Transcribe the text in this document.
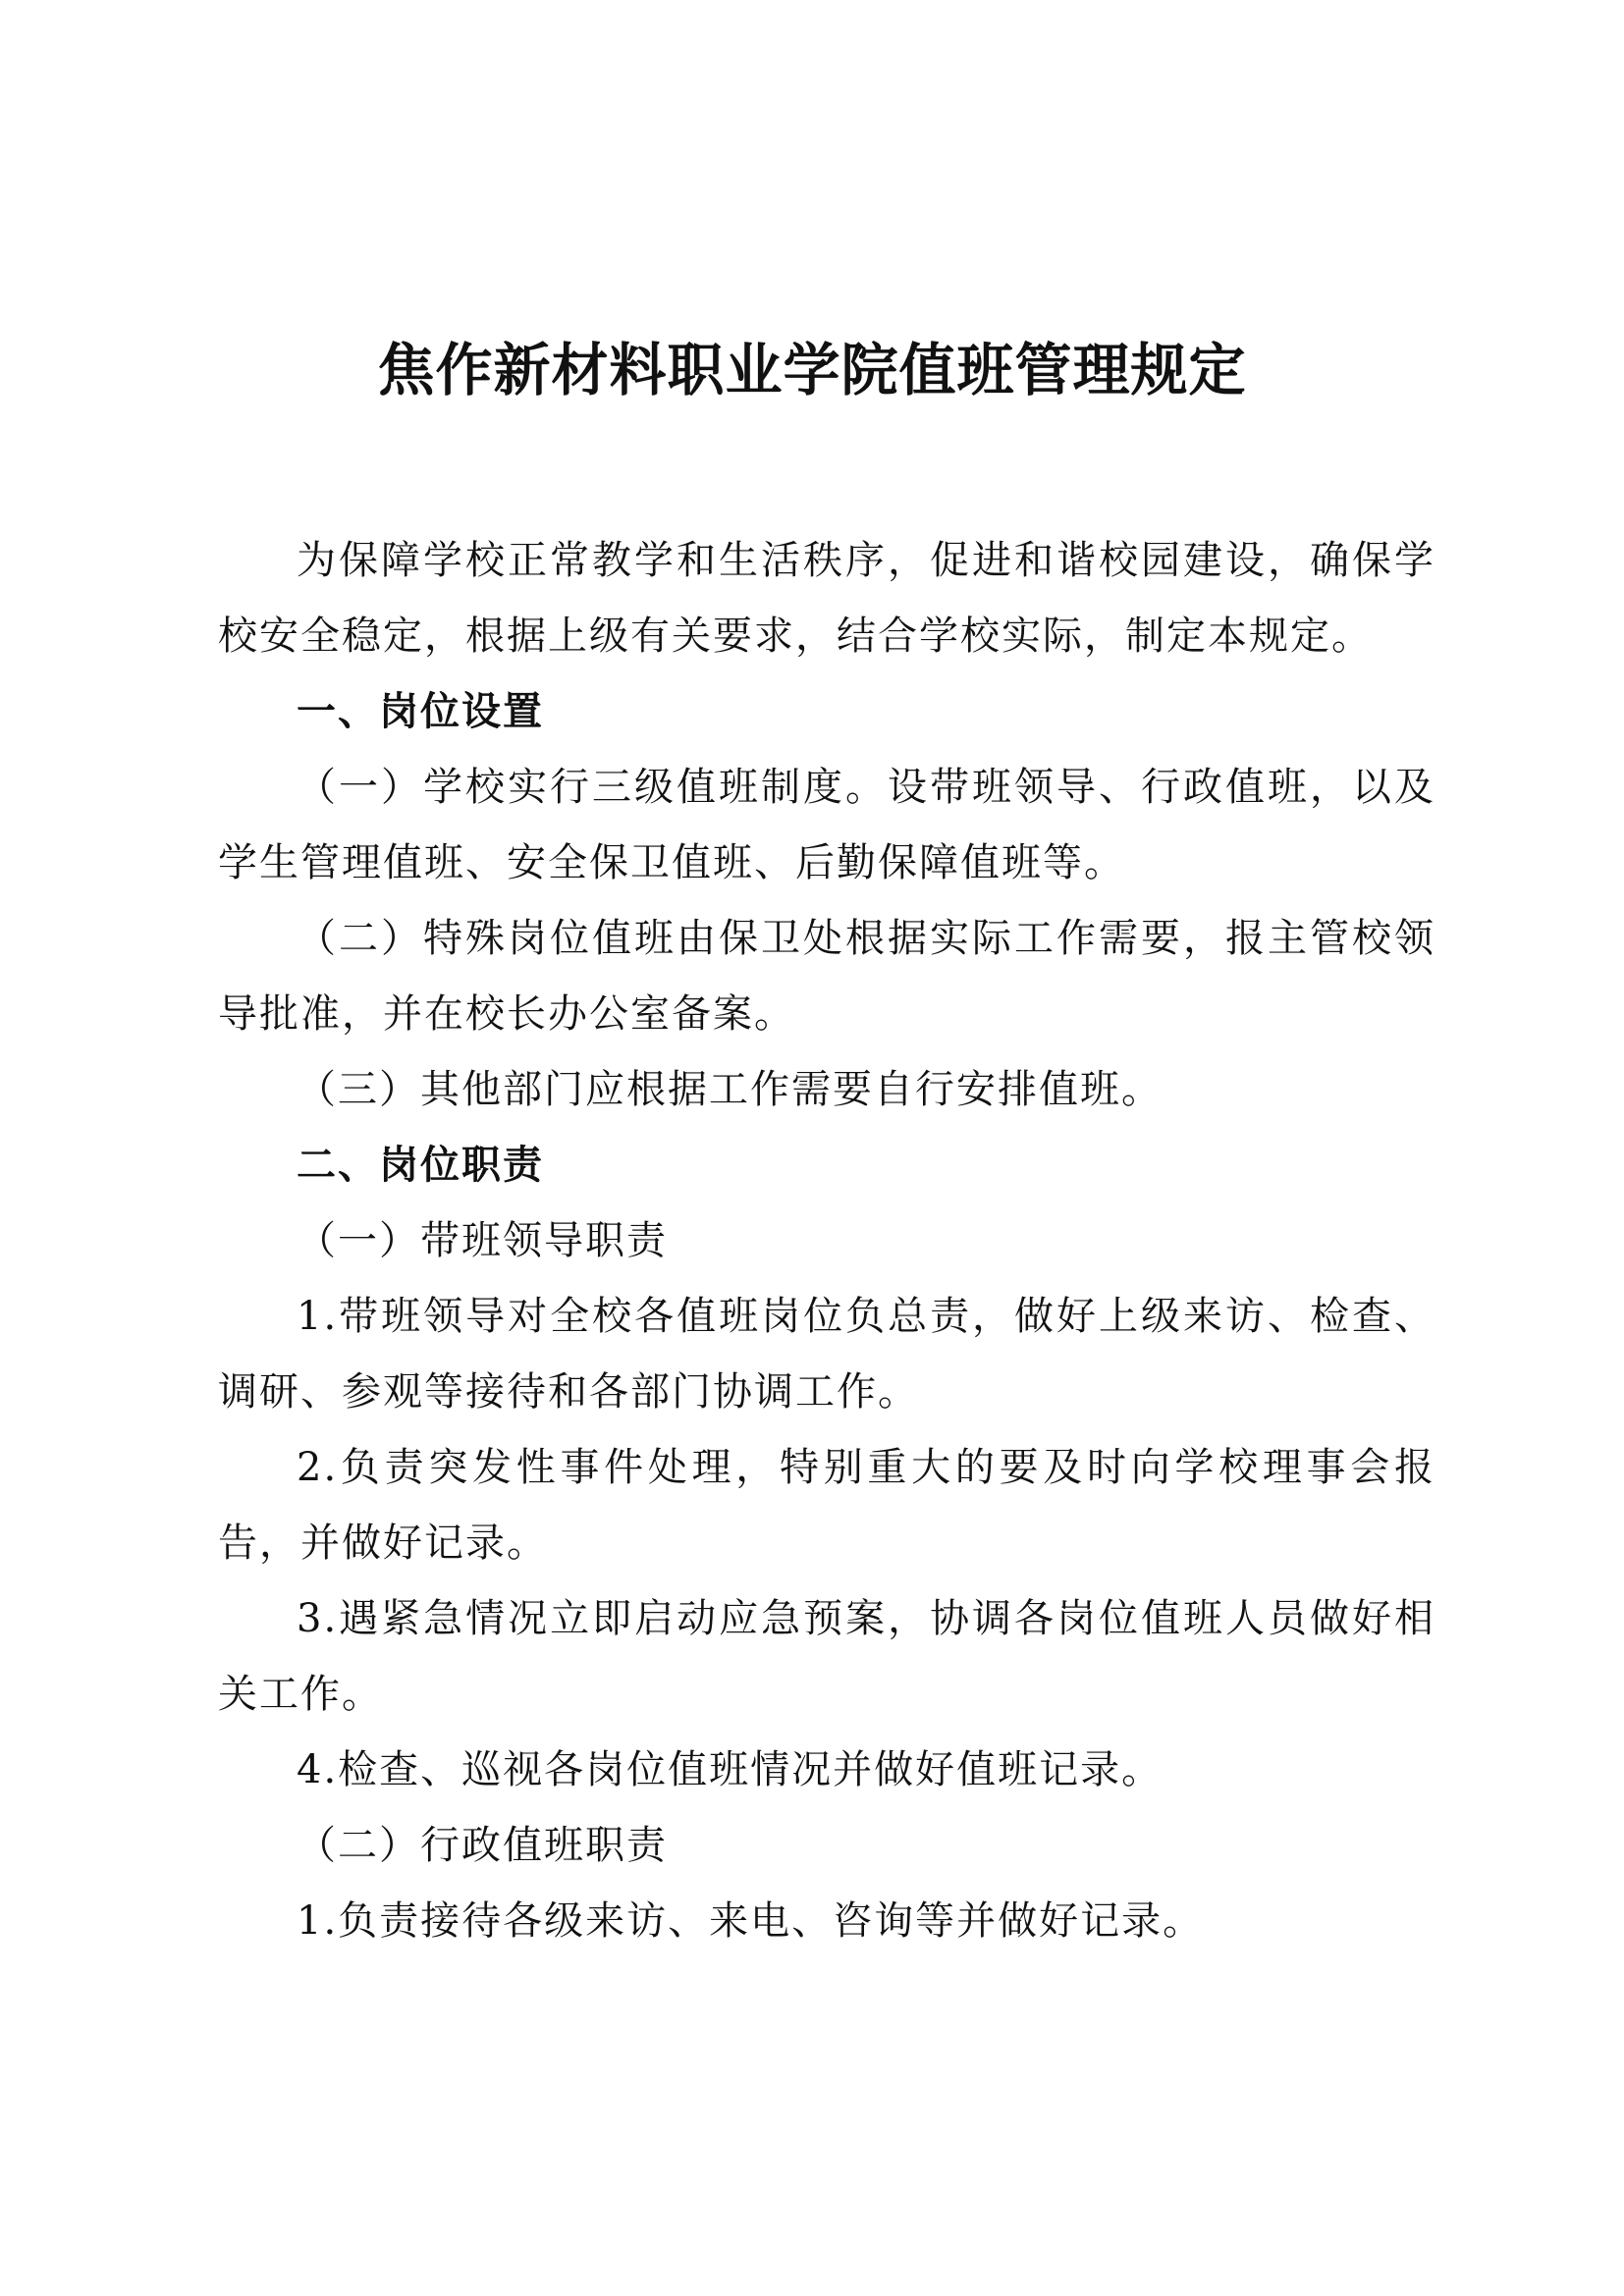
焦作新材料职业学院值班管理规定

为保障学校正常教学和生活秩序，促进和谐校园建设，确保学校安全稳定，根据上级有关要求，结合学校实际，制定本规定。

一、岗位设置

（一）学校实行三级值班制度。设带班领导、行政值班，以及学生管理值班、安全保卫值班、后勤保障值班等。

（二）特殊岗位值班由保卫处根据实际工作需要，报主管校领导批准，并在校长办公室备案。

（三）其他部门应根据工作需要自行安排值班。

二、岗位职责

（一）带班领导职责

1.带班领导对全校各值班岗位负总责，做好上级来访、检查、调研、参观等接待和各部门协调工作。

2.负责突发性事件处理，特别重大的要及时向学校理事会报告，并做好记录。

3.遇紧急情况立即启动应急预案，协调各岗位值班人员做好相关工作。

4.检查、巡视各岗位值班情况并做好值班记录。

（二）行政值班职责

1.负责接待各级来访、来电、咨询等并做好记录。
